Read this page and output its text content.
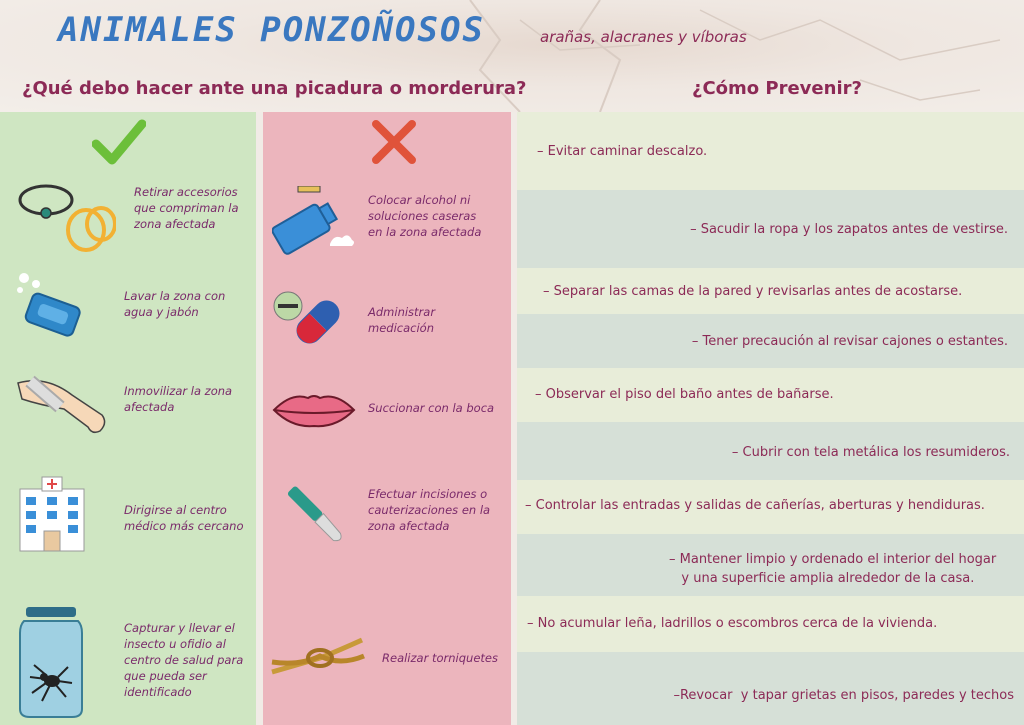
ANIMALES PONZOÑOSOS	arañas, alacranes y víboras
¿Qué debo hacer ante una picadura o morderura?	¿Cómo Prevenir?
Retirar accesorios que compriman la zona afectada
Lavar la zona con agua y jabón
Inmovilizar la zona afectada
Dirigirse al centro médico más cercano
Capturar y llevar el insecto u ofidio al centro de salud para que pueda ser identificado
Colocar alcohol ni soluciones caseras en la zona afectada
Administrar medicación
Succionar con la boca
Efectuar incisiones o cauterizaciones en la zona afectada
Realizar torniquetes
– Evitar caminar descalzo.
– Sacudir la ropa y los zapatos antes de vestirse.
– Separar las camas de la pared y revisarlas antes de acostarse.
– Tener precaución al revisar cajones o estantes.
– Observar el piso del baño antes de bañarse.
– Cubrir con tela metálica los resumideros.
– Controlar las entradas y salidas de cañerías, aberturas y hendiduras.
– Mantener limpio y ordenado el interior del hogar
y una superficie amplia alrededor de la casa.
– No acumular leña, ladrillos o escombros cerca de la vivienda.
–Revocar  y tapar grietas en pisos, paredes y techos
